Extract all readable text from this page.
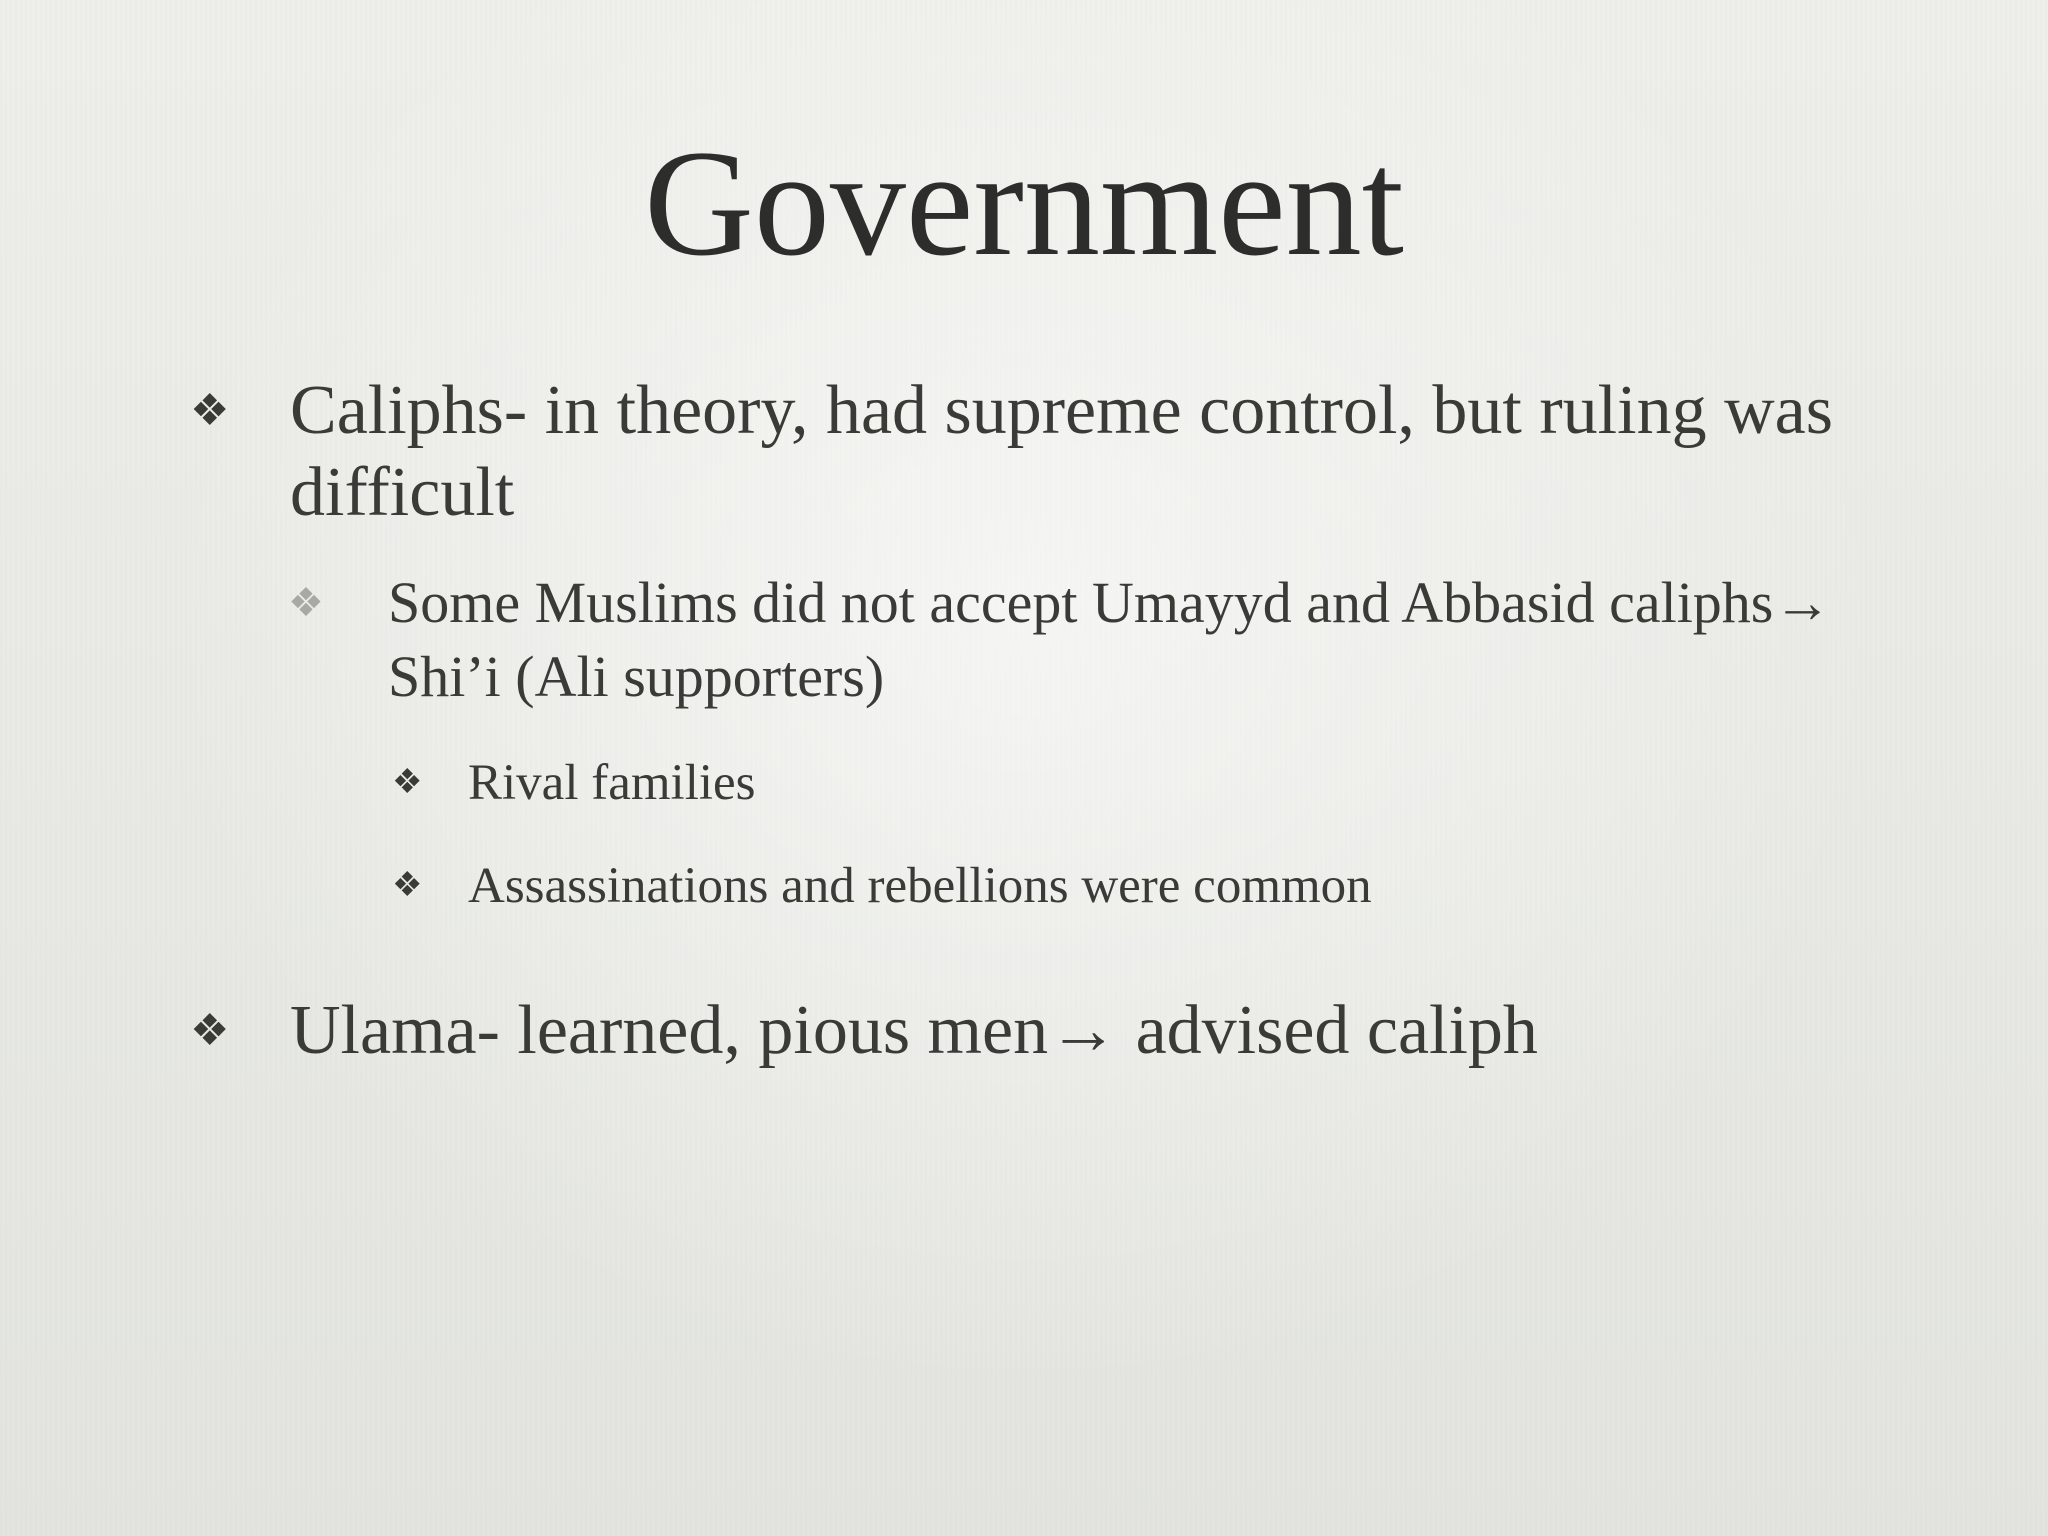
Government
❖ Caliphs- in theory, had supreme control, but ruling was difficult
❖	Some Muslims did not accept Umayyd and Abbasid caliphs→ Shi’i (Ali supporters)
❖ Rival families
❖ Assassinations and rebellions were common
❖ Ulama- learned, pious men→ advised caliph
